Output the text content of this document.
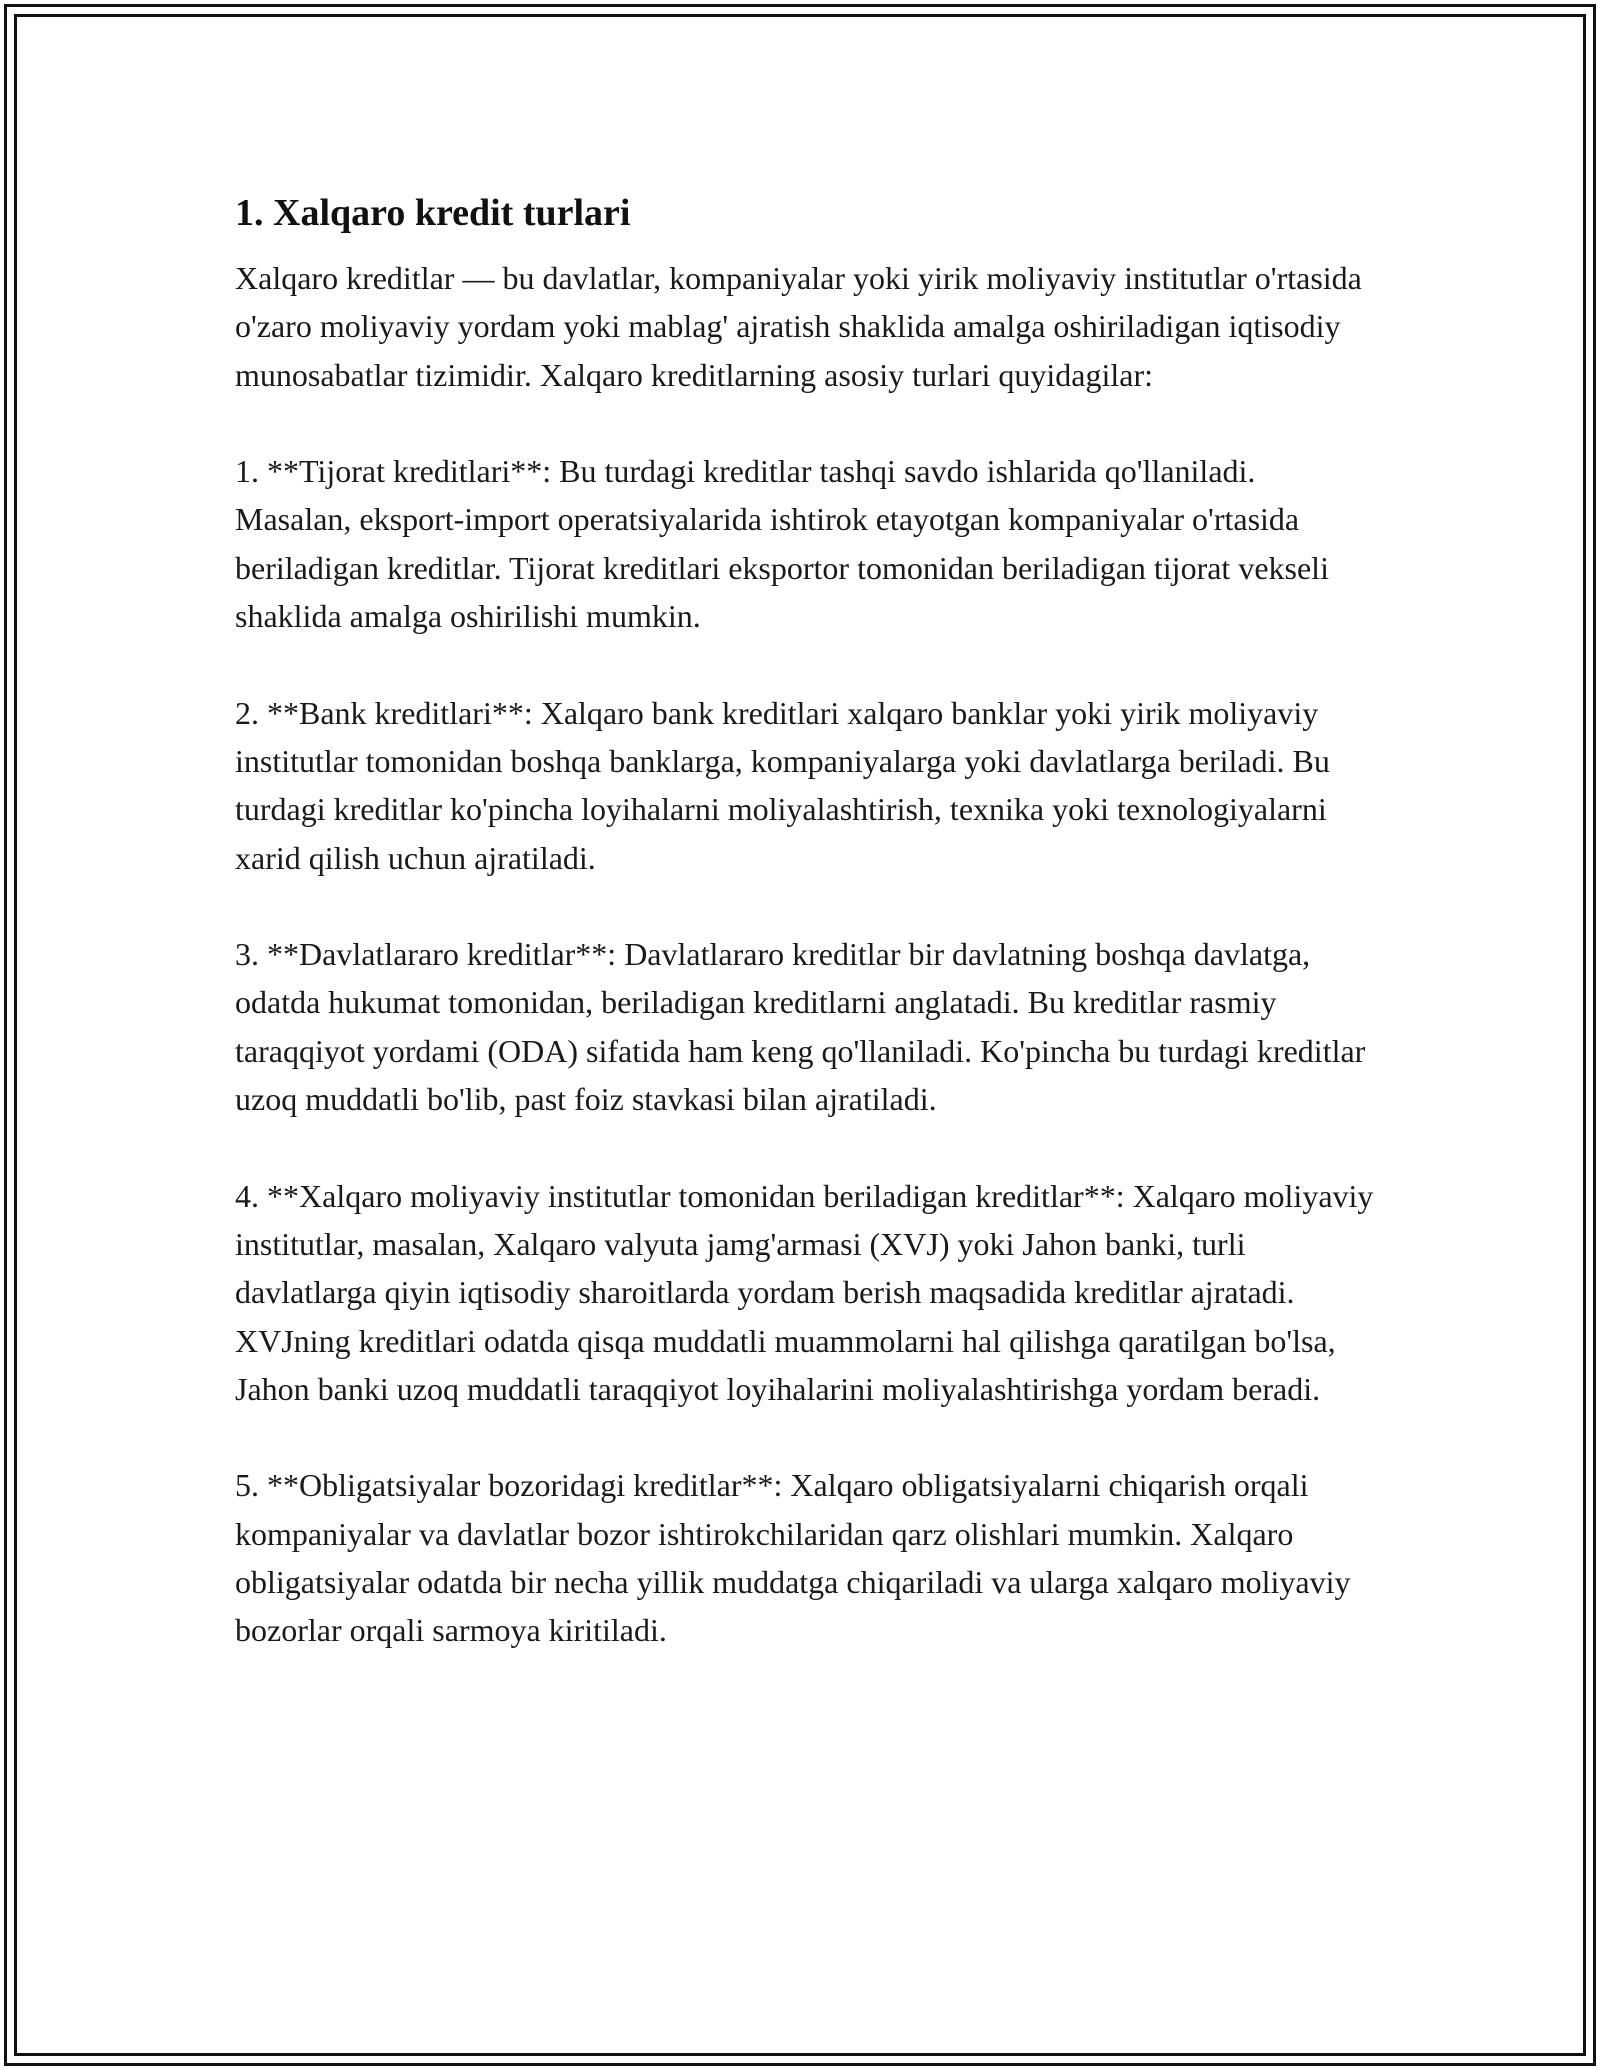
1. Xalqaro kredit turlari

Xalqaro kreditlar — bu davlatlar, kompaniyalar yoki yirik moliyaviy institutlar o'rtasida o'zaro moliyaviy yordam yoki mablag' ajratish shaklida amalga oshiriladigan iqtisodiy munosabatlar tizimidir. Xalqaro kreditlarning asosiy turlari quyidagilar:

1. **Tijorat kreditlari**: Bu turdagi kreditlar tashqi savdo ishlarida qo'llaniladi. Masalan, eksport-import operatsiyalarida ishtirok etayotgan kompaniyalar o'rtasida beriladigan kreditlar. Tijorat kreditlari eksportor tomonidan beriladigan tijorat vekseli shaklida amalga oshirilishi mumkin.

2. **Bank kreditlari**: Xalqaro bank kreditlari xalqaro banklar yoki yirik moliyaviy institutlar tomonidan boshqa banklarga, kompaniyalarga yoki davlatlarga beriladi. Bu turdagi kreditlar ko'pincha loyihalarni moliyalashtirish, texnika yoki texnologiyalarni xarid qilish uchun ajratiladi.

3. **Davlatlararo kreditlar**: Davlatlararo kreditlar bir davlatning boshqa davlatga, odatda hukumat tomonidan, beriladigan kreditlarni anglatadi. Bu kreditlar rasmiy taraqqiyot yordami (ODA) sifatida ham keng qo'llaniladi. Ko'pincha bu turdagi kreditlar uzoq muddatli bo'lib, past foiz stavkasi bilan ajratiladi.

4. **Xalqaro moliyaviy institutlar tomonidan beriladigan kreditlar**: Xalqaro moliyaviy institutlar, masalan, Xalqaro valyuta jamg'armasi (XVJ) yoki Jahon banki, turli davlatlarga qiyin iqtisodiy sharoitlarda yordam berish maqsadida kreditlar ajratadi. XVJning kreditlari odatda qisqa muddatli muammolarni hal qilishga qaratilgan bo'lsa, Jahon banki uzoq muddatli taraqqiyot loyihalarini moliyalashtirishga yordam beradi.

5. **Obligatsiyalar bozoridagi kreditlar**: Xalqaro obligatsiyalarni chiqarish orqali kompaniyalar va davlatlar bozor ishtirokchilaridan qarz olishlari mumkin. Xalqaro obligatsiyalar odatda bir necha yillik muddatga chiqariladi va ularga xalqaro moliyaviy bozorlar orqali sarmoya kiritiladi.
